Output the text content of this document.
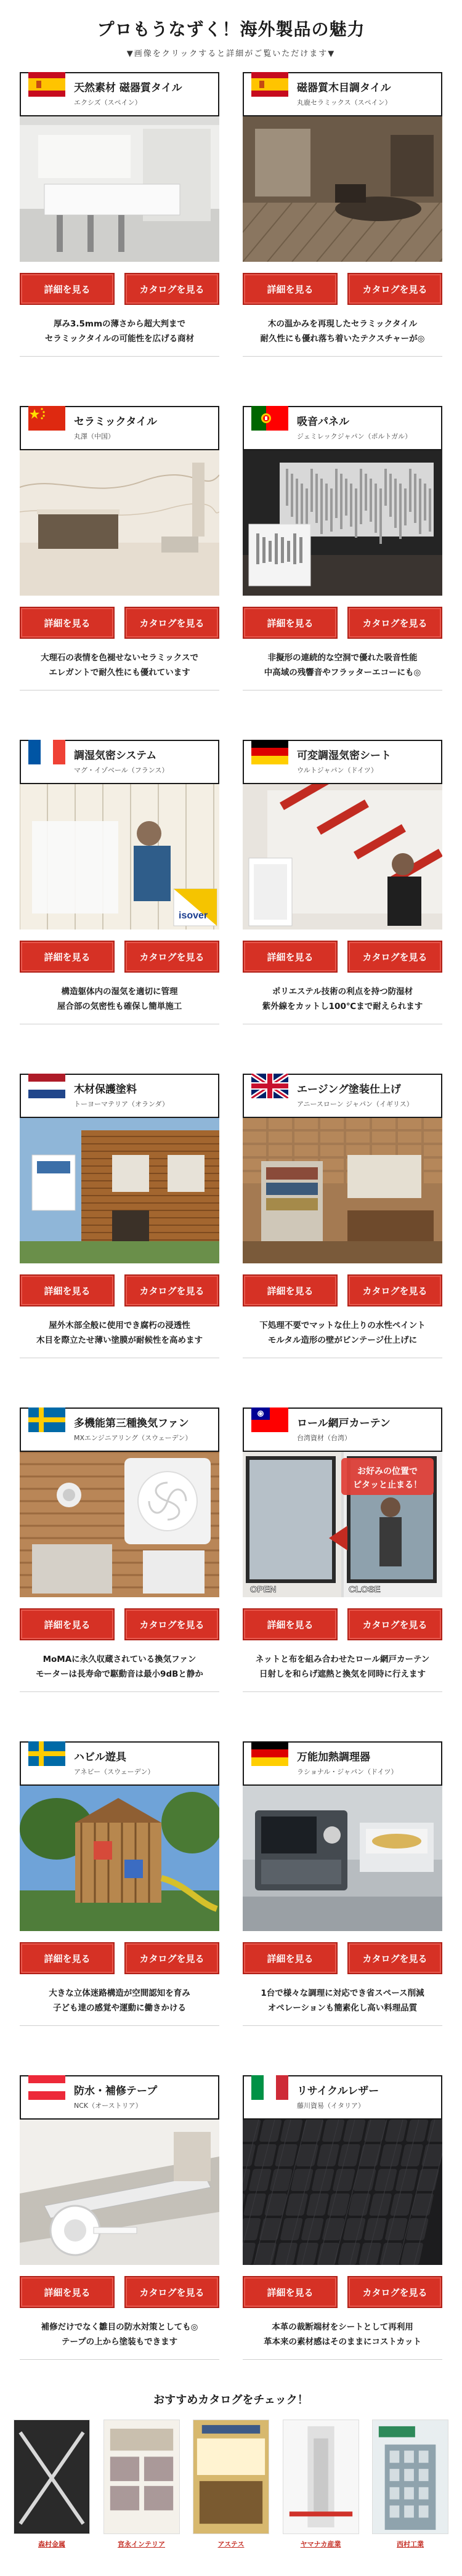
プロもうなずく！海外製品の魅力
▼画像をクリックすると詳細がご覧いただけます▼
天然素材 磁器質タイル
エクシズ（スペイン）
詳細を見る	カタログを見る
厚み3.5mmの薄さから超大判まで
セラミックタイルの可能性を広げる商材
磁器質木目調タイル
丸鹿セラミックス（スペイン）
詳細を見る	カタログを見る
木の温かみを再現したセラミックタイル
耐久性にも優れ落ち着いたテクスチャーが◎
セラミックタイル
丸澤（中国）
詳細を見る	カタログを見る
大理石の表情を色褪せないセラミックスで
エレガントで耐久性にも優れています
吸音パネル
ジェミレックジャパン（ポルトガル）
詳細を見る	カタログを見る
非擬形の連続的な空洞で優れた吸音性能
中高域の残響音やフラッターエコーにも◎
調湿気密システム
マグ・イゾベール（フランス）
isover
詳細を見る	カタログを見る
構造躯体内の湿気を適切に管理
屋合部の気密性も確保し簡単施工
可変調湿気密シート
ウルトジャパン（ドイツ）
詳細を見る	カタログを見る
ポリエステル技術の利点を持つ防湿材
紫外線をカットし100℃まで耐えられます
木材保護塗料
トーヨーマテリア（オランダ）
詳細を見る	カタログを見る
屋外木部全般に使用でき腐朽の浸透性
木目を際立たせ薄い塗膜が耐候性を高めます
エージング塗装仕上げ
アニースローン ジャパン（イギリス）
詳細を見る	カタログを見る
下処理不要でマットな仕上りの水性ペイント
モルタル造形の壁がビンテージ仕上げに
多機能第三種換気ファン
MXエンジニアリング（スウェーデン）
詳細を見る	カタログを見る
MoMAに永久収蔵されている換気ファン
モーターは長寿命で駆動音は最小9dBと静か
ロール網戸カーテン
台湾資材（台湾）
お好みの位置で
ピタッと止まる！
OPEN	CLOSE
詳細を見る	カタログを見る
ネットと布を組み合わせたロール網戸カーテン
日射しを和らげ遮熱と換気を同時に行えます
ハビル遊具
アネビー（スウェーデン）
詳細を見る	カタログを見る
大きな立体迷路構造が空間認知を育み
子ども達の感覚や運動に働きかける
万能加熱調理器
ラショナル・ジャパン（ドイツ）
詳細を見る	カタログを見る
1台で様々な調理に対応でき省スペース削減
オペレーションも簡素化し高い料理品質
防水・補修テープ
NCK（オーストリア）
詳細を見る	カタログを見る
補修だけでなく雛目の防水対策としても◎
テープの上から塗装もできます
リサイクルレザー
藤川資易（イタリア）
詳細を見る	カタログを見る
本革の裁断端材をシートとして再利用
革本来の素材感はそのままにコストカット
おすすめカタログをチェック！
森村金属	宮永インテリア	アステス	ヤマナカ産業	西村工業
